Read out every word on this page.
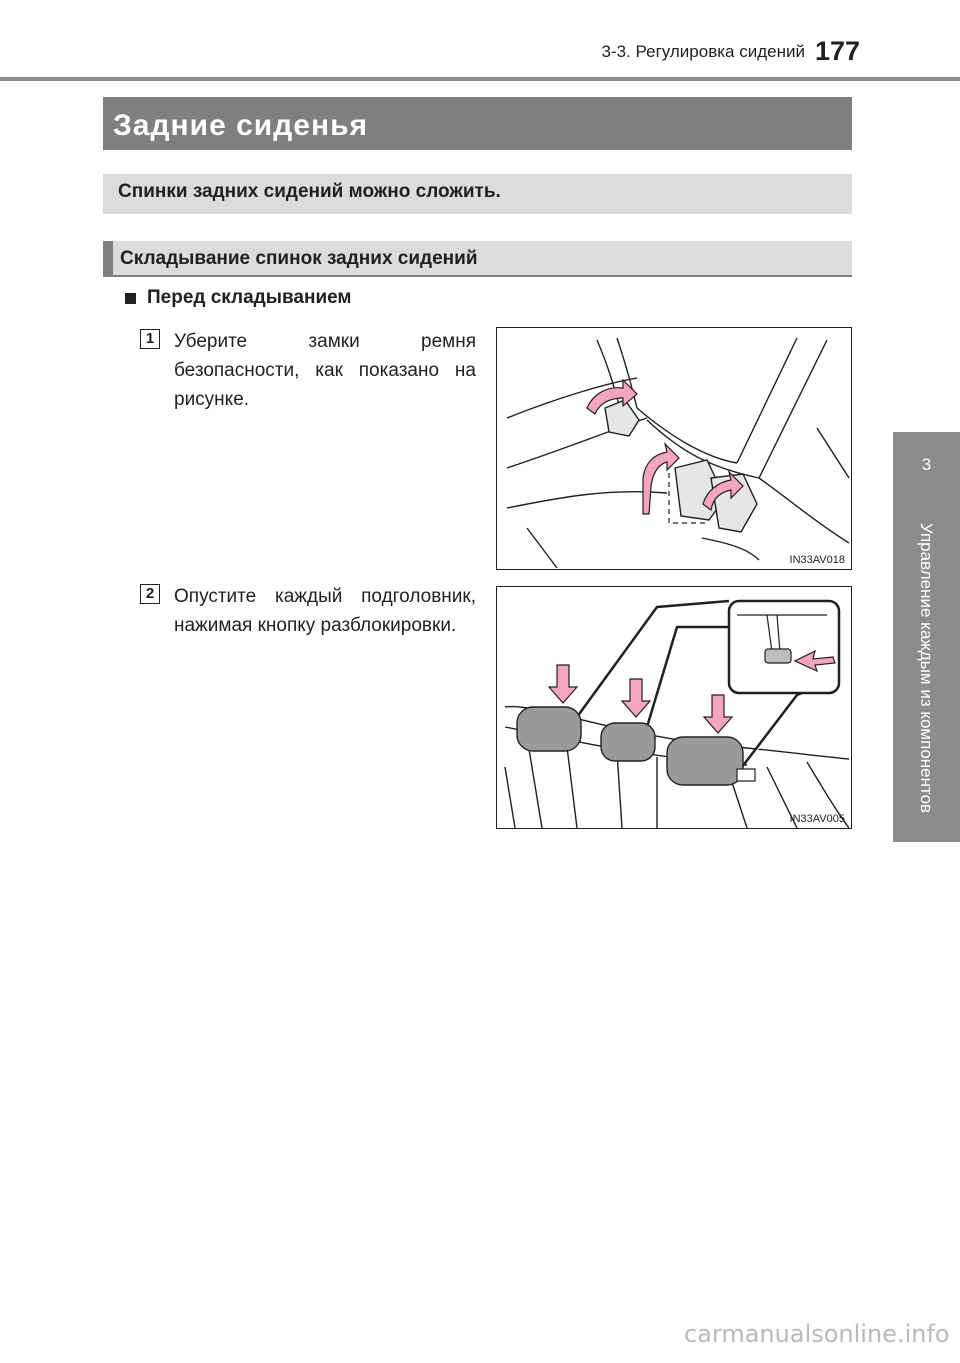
3-3. Регулировка сидений 177
3
Управление каждым из компонентов
Задние сиденья
Спинки задних сидений можно сложить.
Складывание спинок задних сидений
Перед складыванием
1	Уберите замки ремня безопасности, как показано на рисунке.
IN33AV018
2	Опустите каждый подголовник, нажимая кнопку разблокировки.
IN33AV005
carmanualsonline.info
